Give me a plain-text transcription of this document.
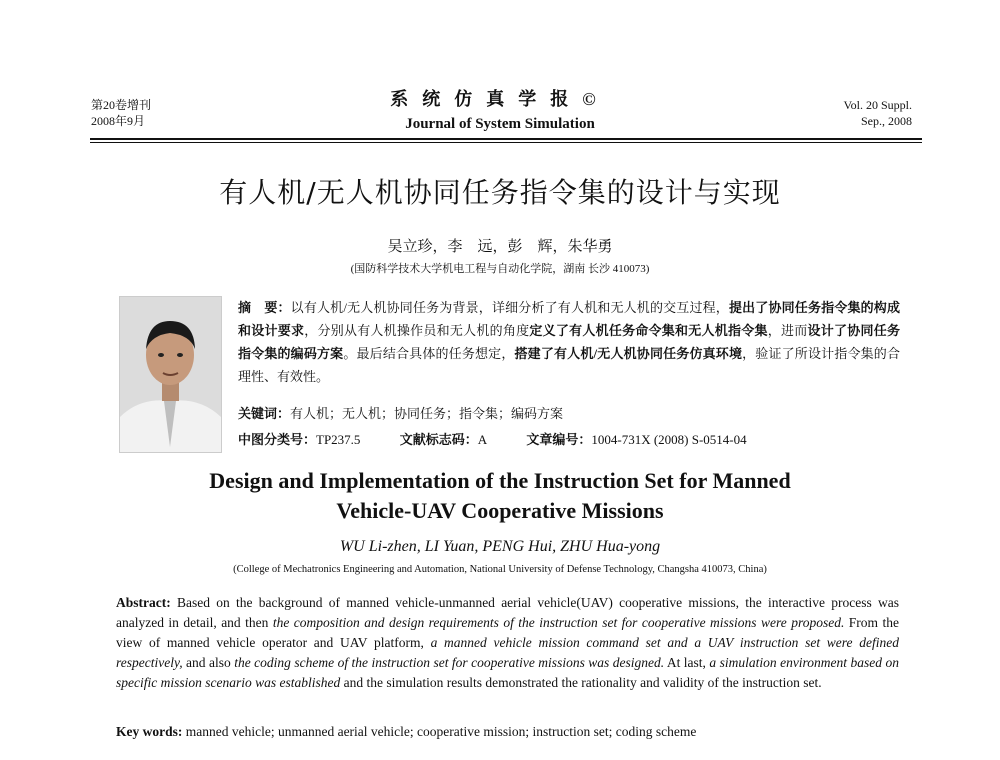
第20卷增刊
2008年9月
系统仿真学报©
Journal of System Simulation
Vol. 20 Suppl.
Sep., 2008
有人机/无人机协同任务指令集的设计与实现
吴立珍，李　远，彭　辉，朱华勇
(国防科学技术大学机电工程与自动化学院，湖南 长沙 410073)
摘　要：以有人机/无人机协同任务为背景，详细分析了有人机和无人机的交互过程，提出了协同任务指令集的构成和设计要求，分别从有人机操作员和无人机的角度定义了有人机任务命令集和无人机指令集，进而设计了协同任务指令集的编码方案。最后结合具体的任务想定，搭建了有人机/无人机协同任务仿真环境，验证了所设计指令集的合理性、有效性。
关键词：有人机；无人机；协同任务；指令集；编码方案
中图分类号：TP237.5	文献标志码：A	文章编号：1004-731X (2008) S-0514-04
Design and Implementation of the Instruction Set for Manned
Vehicle-UAV Cooperative Missions
WU Li-zhen, LI Yuan, PENG Hui, ZHU Hua-yong
(College of Mechatronics Engineering and Automation, National University of Defense Technology, Changsha 410073, China)
Abstract: Based on the background of manned vehicle-unmanned aerial vehicle(UAV) cooperative missions, the interactive process was analyzed in detail, and then the composition and design requirements of the instruction set for cooperative missions were proposed. From the view of manned vehicle operator and UAV platform, a manned vehicle mission command set and a UAV instruction set were defined respectively, and also the coding scheme of the instruction set for cooperative missions was designed. At last, a simulation environment based on specific mission scenario was established and the simulation results demonstrated the rationality and validity of the instruction set.
Key words: manned vehicle; unmanned aerial vehicle; cooperative mission; instruction set; coding scheme
